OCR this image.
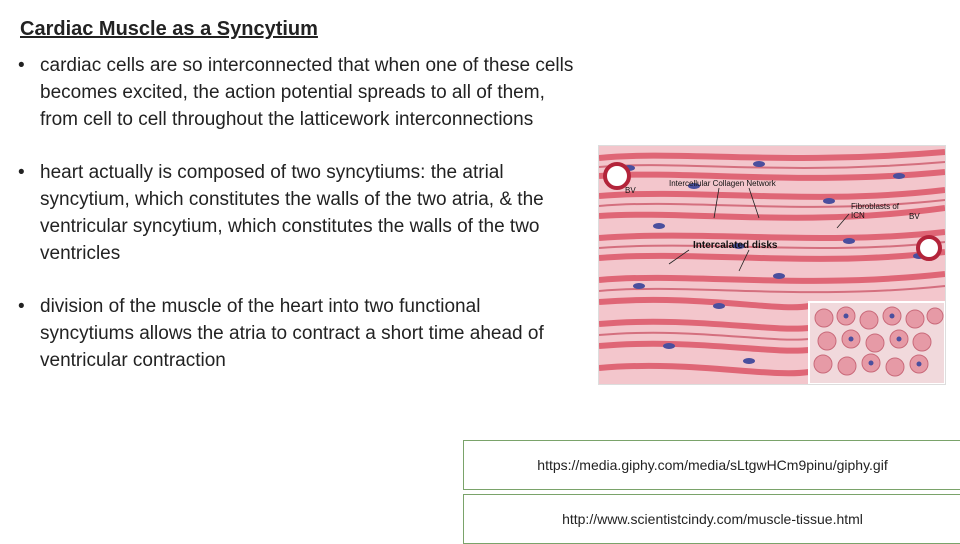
Cardiac Muscle as a Syncytium
• cardiac cells are so interconnected that when one of these cells becomes excited, the action potential spreads to all of them, from cell to cell throughout the latticework interconnections
• heart actually is composed of two syncytiums: the atrial syncytium, which constitutes the walls of the two atria, & the ventricular syncytium, which constitutes the walls of the two ventricles
• division of the muscle of the heart into two functional syncytiums allows the atria to contract a short time ahead of ventricular contraction
BV
Intercellular Collagen Network
Fibroblasts of ICN	BV
Intercalated disks
https://media.giphy.com/media/sLtgwHCm9pinu/giphy.gif
http://www.scientistcindy.com/muscle-tissue.html
